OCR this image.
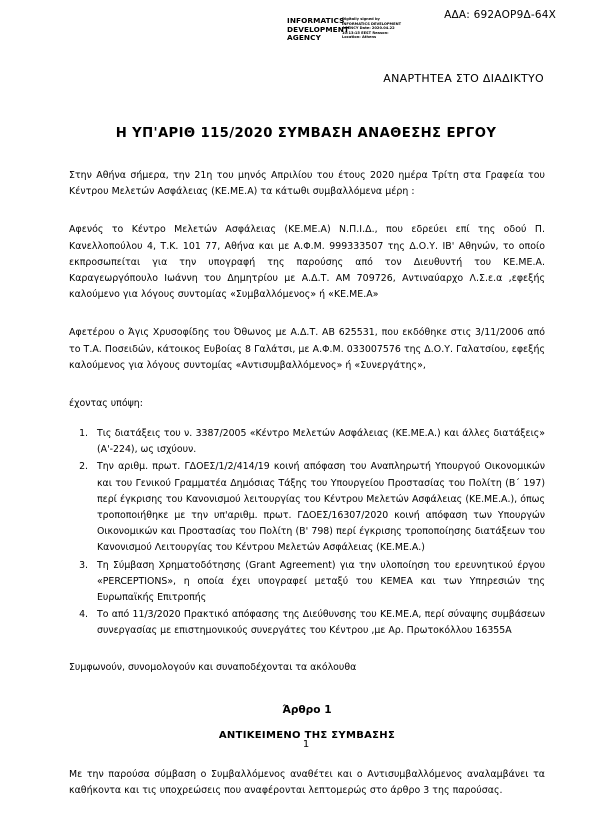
ΑΔΑ: 692ΑΟΡ9Δ-64Χ
INFORMATICS DEVELOPMENT AGENCY
Digitally signed by INFORMATICS DEVELOPMENT AGENCY Date: 2020.04.22 10:13:15 EEST Reason: Location: Athens
ΑΝΑΡΤΗΤΕΑ ΣΤΟ ΔΙΑΔΙΚΤΥΟ
Η ΥΠ'ΑΡΙΘ 115/2020 ΣΥΜΒΑΣΗ ΑΝΑΘΕΣΗΣ ΕΡΓΟΥ

Στην Αθήνα σήμερα, την 21η του μηνός Απριλίου του έτους 2020 ημέρα Τρίτη στα Γραφεία του Κέντρου Μελετών Ασφάλειας (ΚΕ.ΜΕ.Α) τα κάτωθι συμβαλλόμενα μέρη :

Αφενός το Κέντρο Μελετών Ασφάλειας (ΚΕ.ΜΕ.Α) Ν.Π.Ι.Δ., που εδρεύει επί της οδού Π. Κανελλοπούλου 4, Τ.Κ. 101 77, Αθήνα και με Α.Φ.Μ. 999333507 της Δ.Ο.Υ. ΙΒ' Αθηνών, το οποίο εκπροσωπείται για την υπογραφή της παρούσης από τον Διευθυντή του ΚΕ.ΜΕ.Α. Καραγεωργόπουλο Ιωάννη του Δημητρίου με Α.Δ.Τ. ΑΜ 709726, Αντιναύαρχο Λ.Σ.ε.α ,εφεξής καλούμενο για λόγους συντομίας «Συμβαλλόμενος» ή «ΚΕ.ΜΕ.Α»

Αφετέρου ο Άγις Χρυσοφίδης του Όθωνος με Α.Δ.Τ. ΑΒ 625531, που εκδόθηκε στις 3/11/2006 από το Τ.Α. Ποσειδών, κάτοικος Ευβοίας 8 Γαλάτσι, με Α.Φ.Μ. 033007576 της Δ.Ο.Υ. Γαλατσίου, εφεξής καλούμενος για λόγους συντομίας «Αντισυμβαλλόμενος» ή «Συνεργάτης»,

έχοντας υπόψη:

1. Τις διατάξεις του ν. 3387/2005 «Κέντρο Μελετών Ασφάλειας (ΚΕ.ΜΕ.Α.) και άλλες διατάξεις» (Α'-224), ως ισχύουν.
2. Την αριθμ. πρωτ. ΓΔΟΕΣ/1/2/414/19 κοινή απόφαση του Αναπληρωτή Υπουργού Οικονομικών και του Γενικού Γραμματέα Δημόσιας Τάξης του Υπουργείου Προστασίας του Πολίτη (Β΄ 197) περί έγκρισης του Κανονισμού λειτουργίας του Κέντρου Μελετών Ασφάλειας (ΚΕ.ΜΕ.Α.), όπως τροποποιήθηκε με την υπ'αριθμ. πρωτ. ΓΔΟΕΣ/16307/2020 κοινή απόφαση των Υπουργών Οικονομικών και Προστασίας του Πολίτη (Β' 798) περί έγκρισης τροποποίησης διατάξεων του Κανονισμού Λειτουργίας του Κέντρου Μελετών Ασφάλειας (ΚΕ.ΜΕ.Α.)
3. Τη Σύμβαση Χρηματοδότησης (Grant Agreement) για την υλοποίηση του ερευνητικού έργου «PERCEPTIONS», η οποία έχει υπογραφεί μεταξύ του ΚΕΜΕΑ και των Υπηρεσιών της Ευρωπαϊκής Επιτροπής
4. Το από 11/3/2020 Πρακτικό απόφασης της Διεύθυνσης του ΚΕ.ΜΕ.Α, περί σύναψης συμβάσεων συνεργασίας με επιστημονικούς συνεργάτες του Κέντρου ,με Αρ. Πρωτοκόλλου 16355Α

Συμφωνούν, συνομολογούν και συναποδέχονται τα ακόλουθα

Άρθρο 1

ΑΝΤΙΚΕΙΜΕΝΟ ΤΗΣ ΣΥΜΒΑΣΗΣ

Με την παρούσα σύμβαση ο Συμβαλλόμενος αναθέτει και ο Αντισυμβαλλόμενος αναλαμβάνει τα καθήκοντα και τις υποχρεώσεις που αναφέρονται λεπτομερώς στο άρθρο 3 της παρούσας.

1
